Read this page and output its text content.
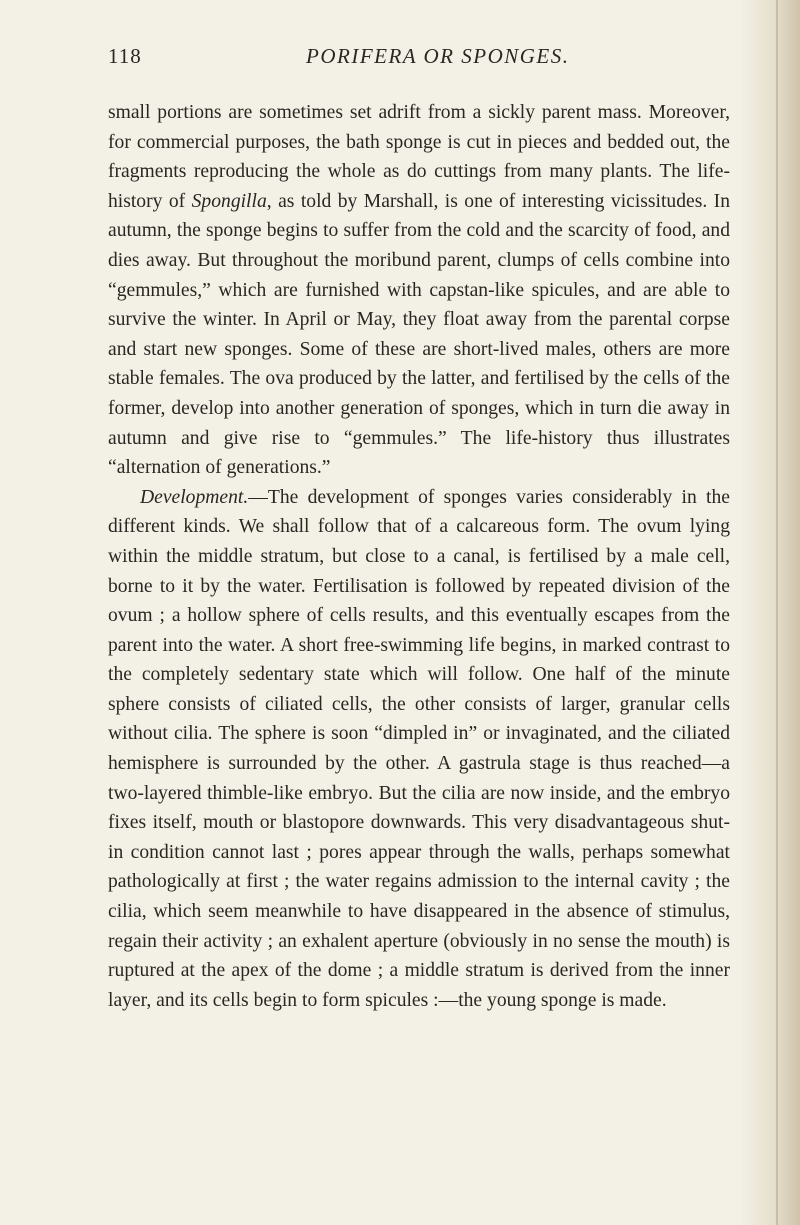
118	PORIFERA OR SPONGES.

small portions are sometimes set adrift from a sickly parent mass. Moreover, for commercial purposes, the bath sponge is cut in pieces and bedded out, the fragments reproducing the whole as do cuttings from many plants. The life-history of Spongilla, as told by Marshall, is one of interesting vicissitudes. In autumn, the sponge begins to suffer from the cold and the scarcity of food, and dies away. But throughout the moribund parent, clumps of cells combine into “gemmules,” which are furnished with capstan-like spicules, and are able to survive the winter. In April or May, they float away from the parental corpse and start new sponges. Some of these are short-lived males, others are more stable females. The ova produced by the latter, and fertilised by the cells of the former, develop into another generation of sponges, which in turn die away in autumn and give rise to “gemmules.” The life-history thus illustrates “alternation of generations.”

Development.—The development of sponges varies considerably in the different kinds. We shall follow that of a calcareous form. The ovum lying within the middle stratum, but close to a canal, is fertilised by a male cell, borne to it by the water. Fertilisation is followed by repeated division of the ovum ; a hollow sphere of cells results, and this eventually escapes from the parent into the water. A short free-swimming life begins, in marked contrast to the completely sedentary state which will follow. One half of the minute sphere consists of ciliated cells, the other consists of larger, granular cells without cilia. The sphere is soon “dimpled in” or invaginated, and the ciliated hemisphere is surrounded by the other. A gastrula stage is thus reached—a two-layered thimble-like embryo. But the cilia are now inside, and the embryo fixes itself, mouth or blastopore downwards. This very disadvantageous shut-in condition cannot last ; pores appear through the walls, perhaps somewhat pathologically at first ; the water regains admission to the internal cavity ; the cilia, which seem meanwhile to have disappeared in the absence of stimulus, regain their activity ; an exhalent aperture (obviously in no sense the mouth) is ruptured at the apex of the dome ; a middle stratum is derived from the inner layer, and its cells begin to form spicules :—the young sponge is made.
